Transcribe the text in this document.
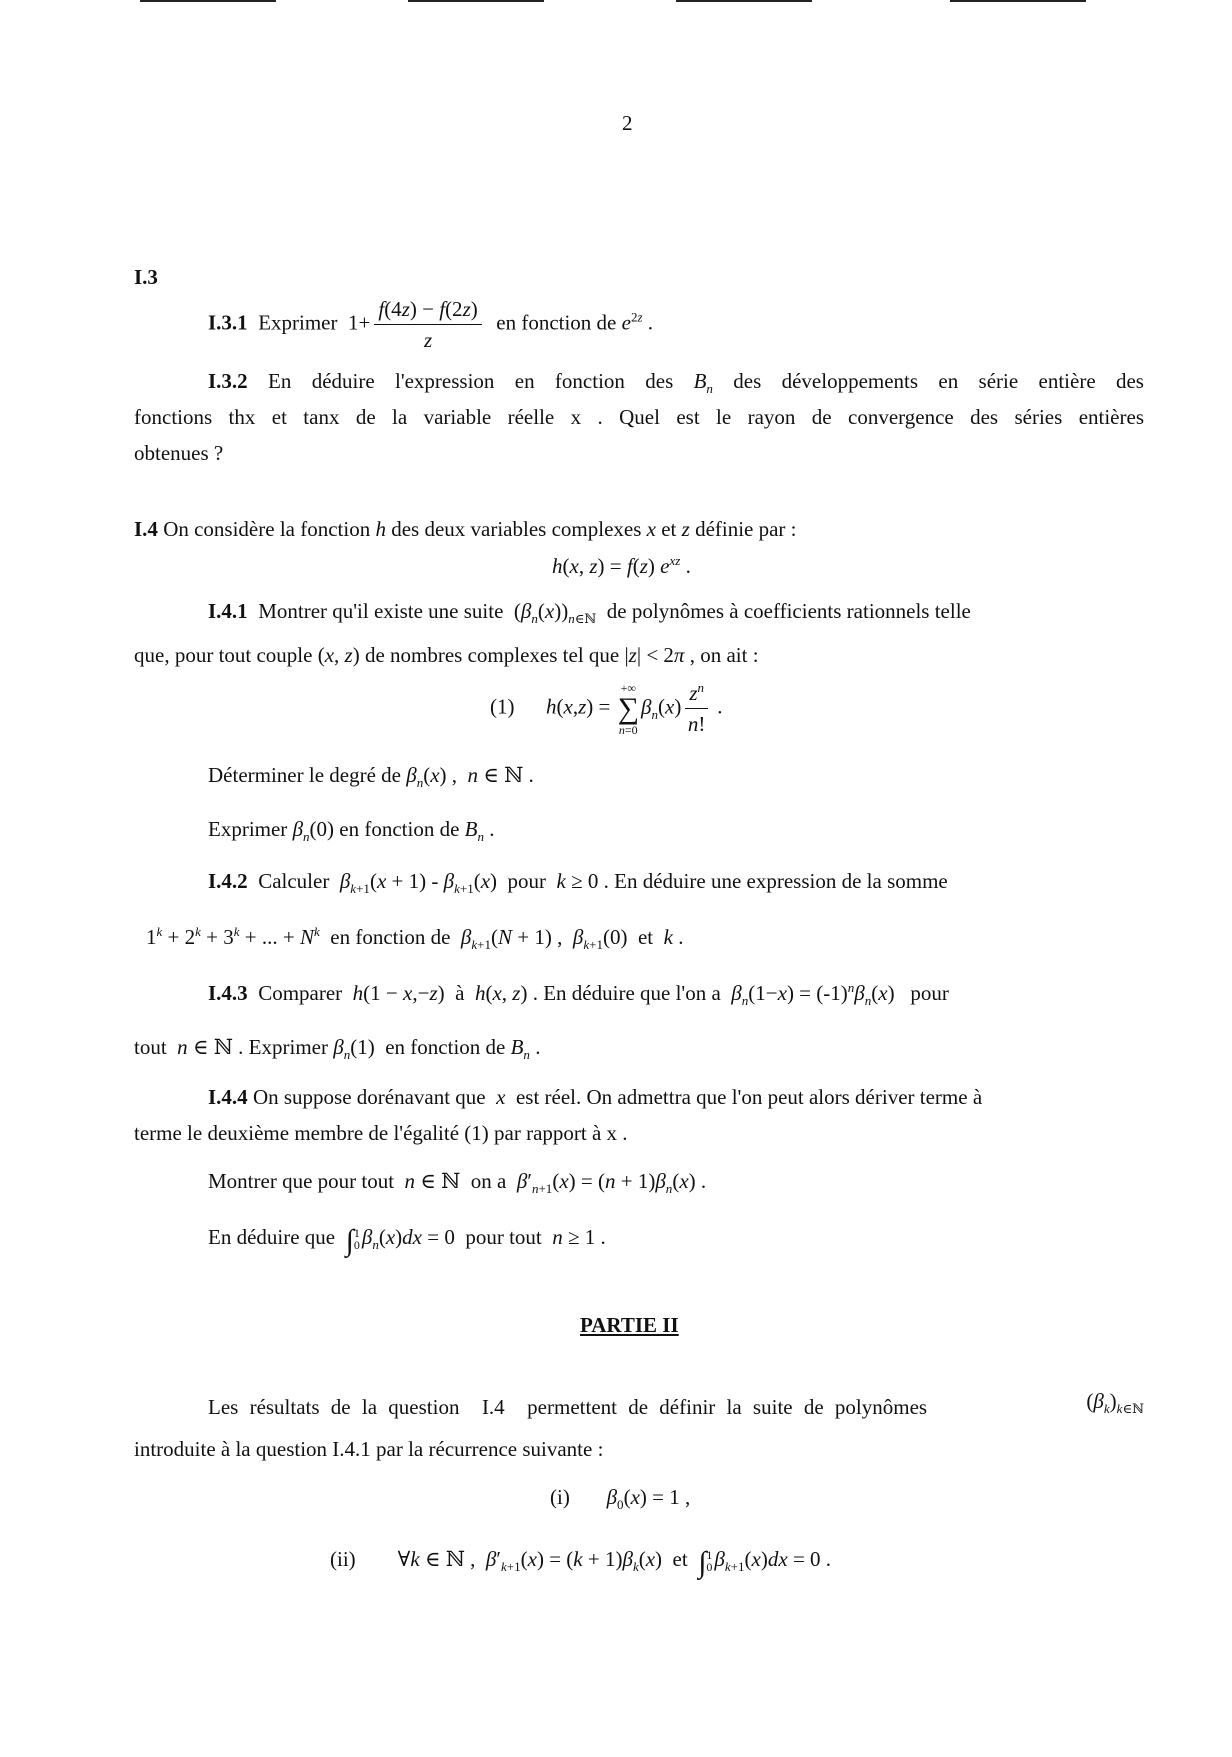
2
I.3
I.3.1 Exprimer  $1+ \frac{f(4z) - f(2z)}{z}$ en fonction de $e^{2z}$ .
I.3.2 En déduire l'expression en fonction des $B_n$ des développements en série entière des
fonctions thx et tanx de la variable réelle x . Quel est le rayon de convergence des séries entières
obtenues ?
I.4 On considère la fonction h des deux variables complexes x et z définie par :
h(x, z) = f(z) $e^{xz}$ .
I.4.1  Montrer qu'il existe une suite  $(\beta_n(x))_{n\in ℕ}$  de polynômes à coefficients rationnels telle
que, pour tout couple (x, z) de nombres complexes tel que |z| < 2π , on ait :
(1) h(x,z) =
+∞
∑
n=0
$\beta_n(x) \frac{z^n}{n!}$ .
Déterminer le degré de $\beta_n(x)$ ,  n ∈ ℕ .
Exprimer $\beta_n(0)$ en fonction de $B_n$ .
I.4.2 Calculer $\beta_{k+1}(x + 1) - \beta_{k+1}(x)$  pour k ≥ 0 . En déduire une expression de la somme
$1^k + 2^k + 3^k$ + ... + $N^k$ en fonction de $\beta_{k+1}(N + 1)$ ,  $\beta_{k+1}(0)$  et  k .
I.4.3 Comparer h(1 − x,−z)  à  h(x, z) . En déduire que l'on a $\beta_n(1-x) = (-1)^n\beta_n(x)$   pour
tout n ∈ ℕ . Exprimer $\beta_n(1)$  en fonction de $B_n$ .
I.4.4 On suppose dorénavant que  x  est réel. On admettra que l'on peut alors dériver terme à
terme le deuxième membre de l'égalité (1) par rapport à x .
Montrer que pour tout n ∈ ℕ  on a $\beta'_{n+1}(x) = (n + 1)\beta_n(x)$ .
En déduire que ∫ 1
0 $\beta_n(x)dx = 0$  pour tout n ≥ 1 .
PARTIE II
Les résultats de la question  I.4  permettent de définir la suite de polynômes	$(\beta_k)_{k\in ℕ}$
introduite à la question I.4.1 par la récurrence suivante :
(i) $\beta_0(x) = 1$ ,
(ii)        ∀k ∈ ℕ ,  $\beta'_{k+1}(x) = (k + 1)\beta_k(x)$  et ∫ 1
0 $\beta_{k+1}(x)dx = 0$ .
